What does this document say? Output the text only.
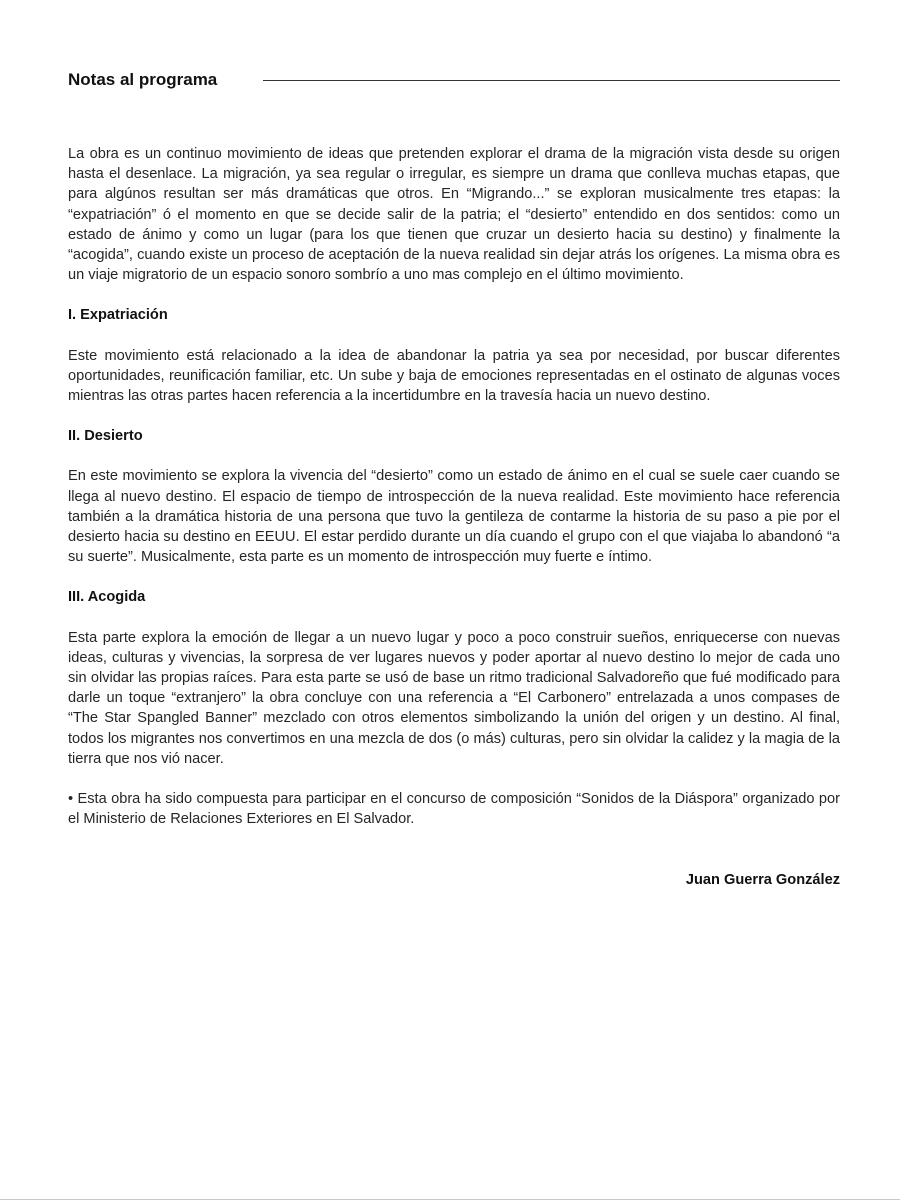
Notas al programa

La obra es un continuo movimiento de ideas que pretenden explorar el drama de la migración vista desde su origen hasta el desenlace. La migración, ya sea regular o irregular, es siempre un drama que conlleva muchas etapas, que para algúnos resultan ser más dramáticas que otros. En “Migrando...” se exploran musicalmente tres etapas: la “expatriación” ó el momento en que se decide salir de la patria; el “desierto” entendido en dos sentidos: como un estado de ánimo y como un lugar (para los que tienen que cruzar un desierto hacia su destino) y finalmente la “acogida”, cuando existe un proceso de aceptación de la nueva realidad sin dejar atrás los orígenes. La misma obra es un viaje migratorio de un espacio sonoro sombrío a uno mas complejo en el último movimiento.

I. Expatriación

Este movimiento está relacionado a la idea de abandonar la patria ya sea por necesidad, por buscar diferentes oportunidades, reunificación familiar, etc. Un sube y baja de emociones representadas en el ostinato de algunas voces mientras las otras partes hacen referencia a la incertidumbre en la travesía hacia un nuevo destino.

II. Desierto

En este movimiento se explora la vivencia del “desierto” como un estado de ánimo en el cual se suele caer cuando se llega al nuevo destino. El espacio de tiempo de introspección de la nueva realidad. Este movimiento hace referencia también a la dramática historia de una persona que tuvo la gentileza de contarme la historia de su paso a pie por el desierto hacia su destino en EEUU. El estar perdido durante un día cuando el grupo con el que viajaba lo abandonó “a su suerte”. Musicalmente, esta parte es un momento de introspección muy fuerte e íntimo.

III. Acogida

Esta parte explora la emoción de llegar a un nuevo lugar y poco a poco construir sueños, enriquecerse con nuevas ideas, culturas y vivencias, la sorpresa de ver lugares nuevos y poder aportar al nuevo destino lo mejor de cada uno sin olvidar las propias raíces. Para esta parte se usó de base un ritmo tradicional Salvadoreño que fué modificado para darle un toque “extranjero” la obra concluye con una referencia a “El Carbonero” entrelazada a unos compases de “The Star Spangled Banner” mezclado con otros elementos simbolizando la unión del origen y un destino. Al final, todos los migrantes nos convertimos en una mezcla de dos (o más) culturas, pero sin olvidar la calidez y la magia de la tierra que nos vió nacer.

• Esta obra ha sido compuesta para participar en el concurso de composición “Sonidos de la Diáspora” organizado por el Ministerio de Relaciones Exteriores en El Salvador.

Juan Guerra González
